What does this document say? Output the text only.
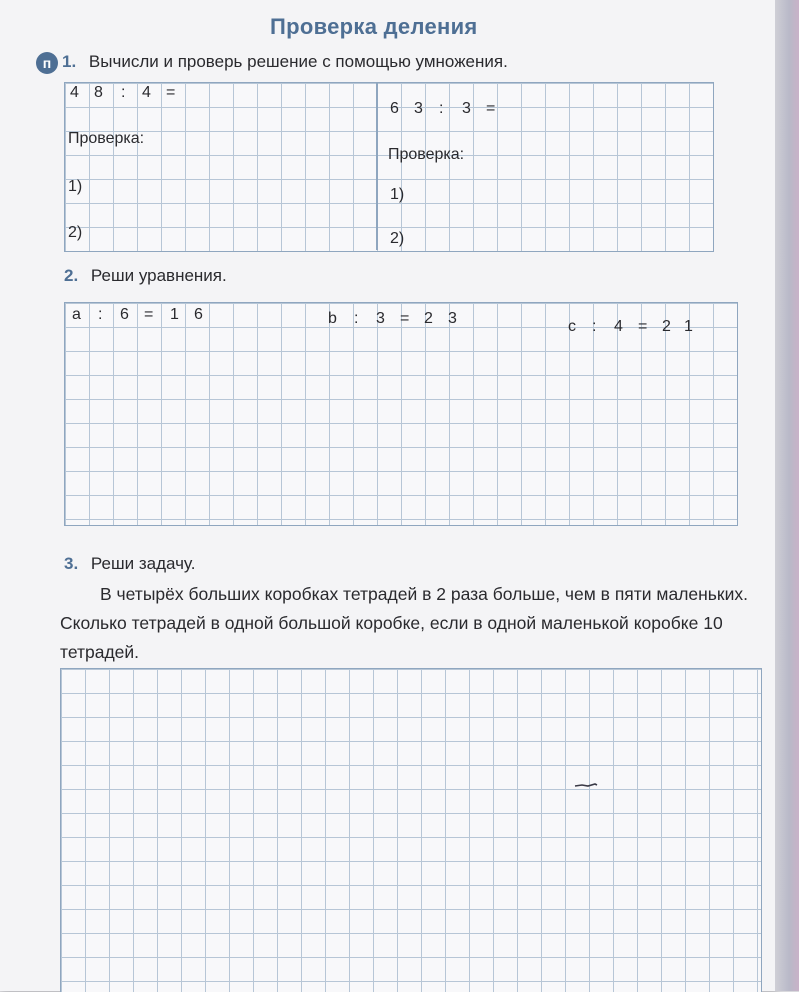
Проверка деления
п 1. Вычисли и проверь решение с помощью умножения.
4 8 : 4 =
Проверка:
1)
2)
6 3 : 3 =
Проверка:
1)
2)
2. Реши уравнения.
a : 6 = 1 6	b : 3 = 2 3	c : 4 = 2 1
3. Реши задачу.

В четырёх больших коробках тетрадей в 2 раза больше, чем в пяти маленьких. Сколько тетрадей в одной большой коробке, если в одной маленькой коробке 10 тетрадей.
